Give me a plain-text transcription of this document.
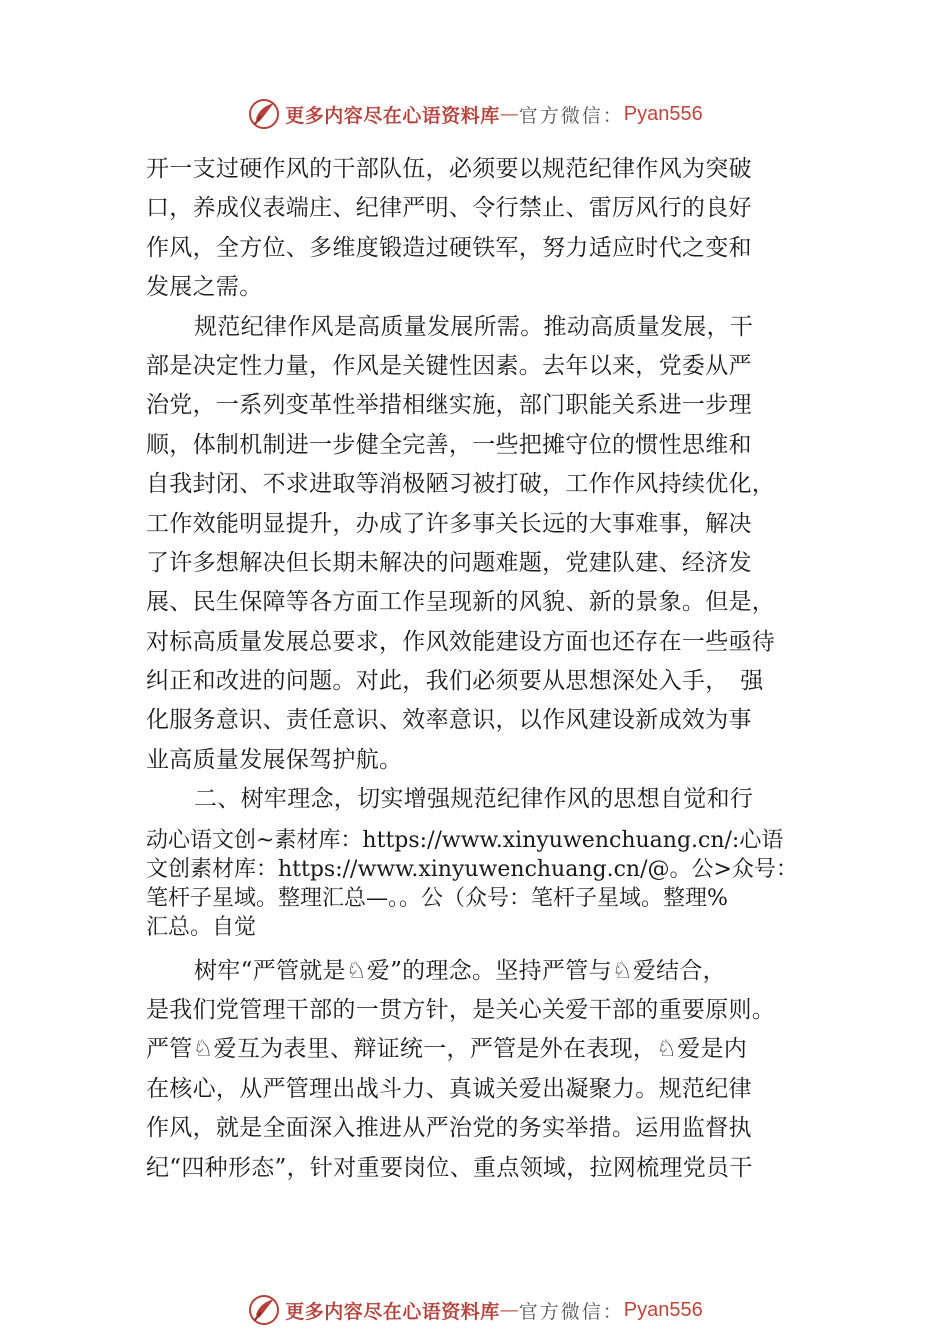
更多内容尽在心语资料库 — 官方微信： Pyan556
开一支过硬作风的干部队伍，必须要以规范纪律作风为突破
口，养成仪表端庄、纪律严明、令行禁止、雷厉风行的良好
作风，全方位、多维度锻造过硬铁军，努力适应时代之变和
发展之需。
规范纪律作风是高质量发展所需。推动高质量发展，干
部是决定性力量，作风是关键性因素。去年以来，党委从严
治党，一系列变革性举措相继实施，部门职能关系进一步理
顺，体制机制进一步健全完善，一些把摊守位的惯性思维和
自我封闭、不求进取等消极陋习被打破，工作作风持续优化，
工作效能明显提升，办成了许多事关长远的大事难事，解决
了许多想解决但长期未解决的问题难题，党建队建、经济发
展、民生保障等各方面工作呈现新的风貌、新的景象。但是，
对标高质量发展总要求，作风效能建设方面也还存在一些亟待
纠正和改进的问题。对此，我们必须要从思想深处入手，　强
化服务意识、责任意识、效率意识，以作风建设新成效为事
业高质量发展保驾护航。
二、树牢理念，切实增强规范纪律作风的思想自觉和行
动心语文创~素材库：https://www.xinyuwenchuang.cn/:心语
文创素材库：https://www.xinyuwenchuang.cn/@。公>众号：
笔杆子星域。整理汇总—。。公（众号：笔杆子星域。整理%
汇总。自觉
树牢“严管就是♘爱”的理念。坚持严管与♘爱结合，
是我们党管理干部的一贯方针，是关心关爱干部的重要原则。
严管♘爱互为表里、辩证统一，严管是外在表现，♘爱是内
在核心，从严管理出战斗力、真诚关爱出凝聚力。规范纪律
作风，就是全面深入推进从严治党的务实举措。运用监督执
纪“四种形态”，针对重要岗位、重点领域，拉网梳理党员干
更多内容尽在心语资料库 — 官方微信： Pyan556
